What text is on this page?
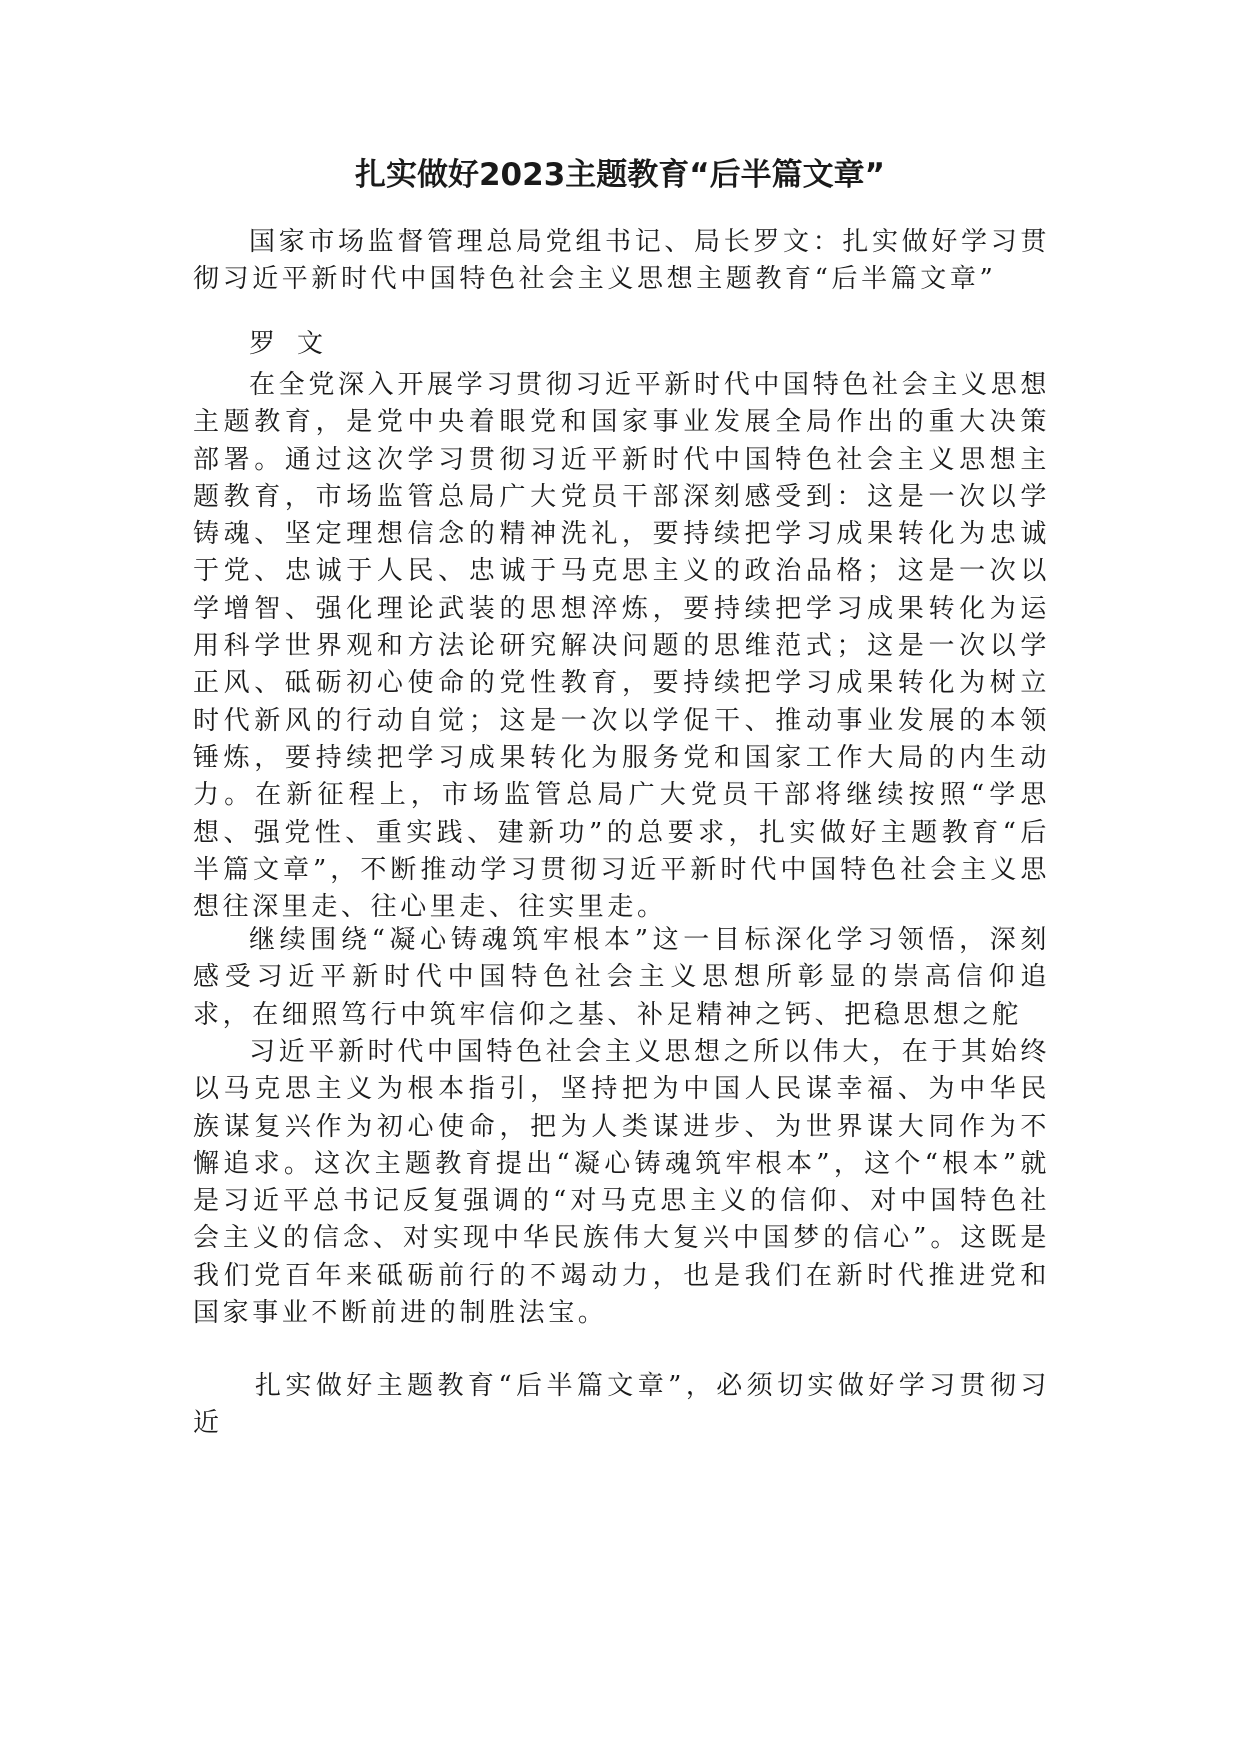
扎实做好2023主题教育“后半篇文章”

国家市场监督管理总局党组书记、局长罗文：扎实做好学习贯彻习近平新时代中国特色社会主义思想主题教育“后半篇文章”

罗 文

在全党深入开展学习贯彻习近平新时代中国特色社会主义思想主题教育，是党中央着眼党和国家事业发展全局作出的重大决策部署。通过这次学习贯彻习近平新时代中国特色社会主义思想主题教育，市场监管总局广大党员干部深刻感受到：这是一次以学铸魂、坚定理想信念的精神洗礼，要持续把学习成果转化为忠诚于党、忠诚于人民、忠诚于马克思主义的政治品格；这是一次以学增智、强化理论武装的思想淬炼，要持续把学习成果转化为运用科学世界观和方法论研究解决问题的思维范式；这是一次以学正风、砥砺初心使命的党性教育，要持续把学习成果转化为树立时代新风的行动自觉；这是一次以学促干、推动事业发展的本领锤炼，要持续把学习成果转化为服务党和国家工作大局的内生动力。在新征程上，市场监管总局广大党员干部将继续按照“学思想、强党性、重实践、建新功”的总要求，扎实做好主题教育“后半篇文章”，不断推动学习贯彻习近平新时代中国特色社会主义思想往深里走、往心里走、往实里走。

继续围绕“凝心铸魂筑牢根本”这一目标深化学习领悟，深刻感受习近平新时代中国特色社会主义思想所彰显的崇高信仰追求，在细照笃行中筑牢信仰之基、补足精神之钙、把稳思想之舵

习近平新时代中国特色社会主义思想之所以伟大，在于其始终以马克思主义为根本指引，坚持把为中国人民谋幸福、为中华民族谋复兴作为初心使命，把为人类谋进步、为世界谋大同作为不懈追求。这次主题教育提出“凝心铸魂筑牢根本”，这个“根本”就是习近平总书记反复强调的“对马克思主义的信仰、对中国特色社会主义的信念、对实现中华民族伟大复兴中国梦的信心”。这既是我们党百年来砥砺前行的不竭动力，也是我们在新时代推进党和国家事业不断前进的制胜法宝。

扎实做好主题教育“后半篇文章”，必须切实做好学习贯彻习近
